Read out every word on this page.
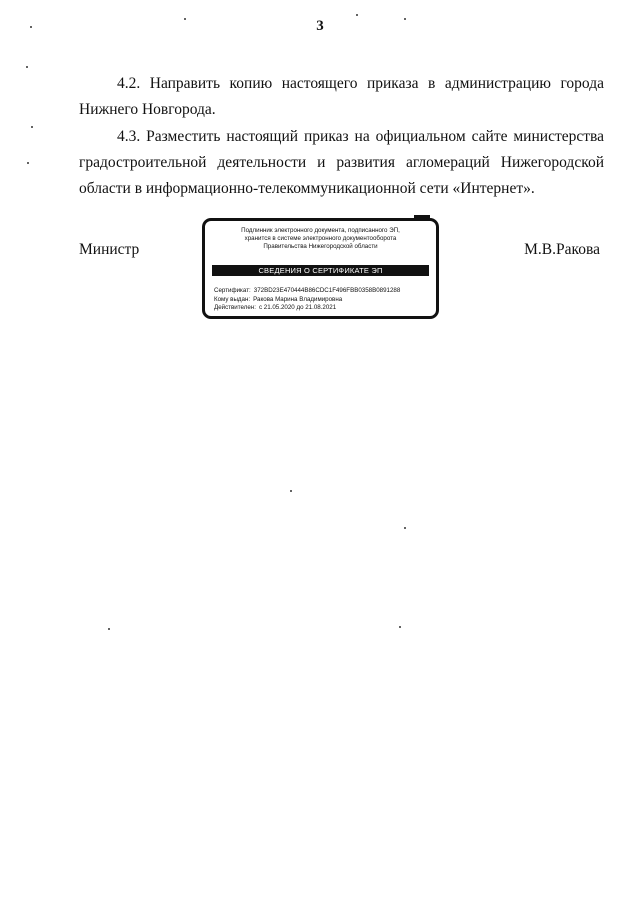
3

4.2. Направить копию настоящего приказа в администрацию города Нижнего Новгорода.

4.3. Разместить настоящий приказ на официальном сайте министерства градостроительной деятельности и развития агломераций Нижегородской области в информационно-телекоммуникационной сети «Интернет».

Министр
Подлинник электронного документа, подписанного ЭП,
хранится в системе электронного документооборота
Правительства Нижегородской области
СВЕДЕНИЯ О СЕРТИФИКАТЕ ЭП
Сертификат: 372BD23E470444B86CDC1F496FBB0358B0891288
Кому выдан: Ракова Марина Владимировна
Действителен: с 21.05.2020 до 21.08.2021
М.В.Ракова
